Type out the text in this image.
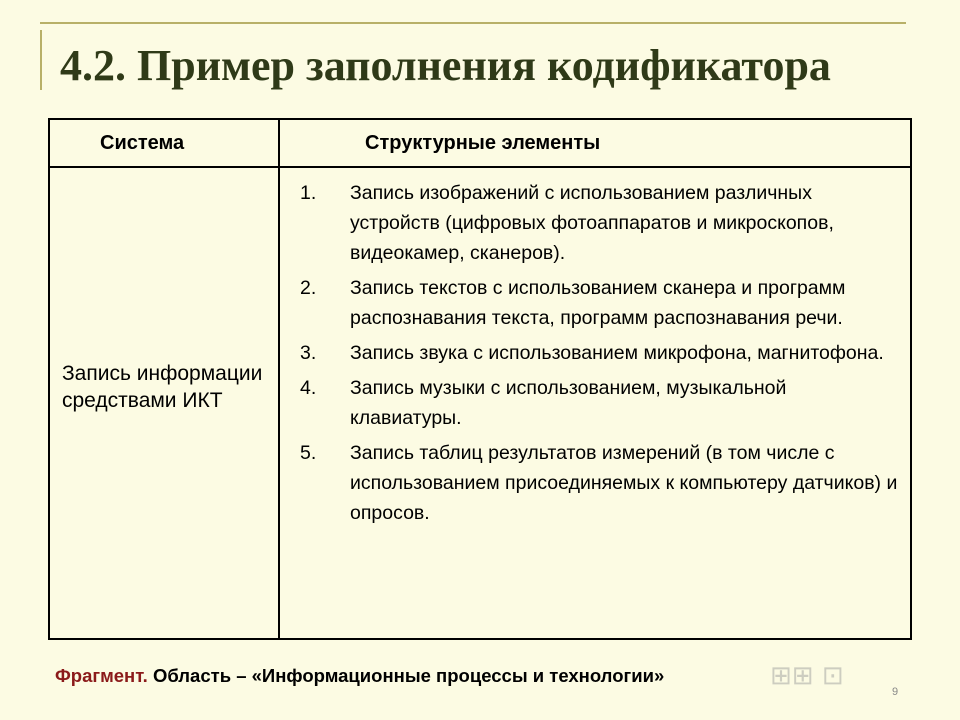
4.2. Пример заполнения кодификатора
Система	Структурные элементы
Запись информации средствами ИКТ
1. Запись изображений с использованием различных устройств (цифровых фотоаппаратов и микроскопов, видеокамер, сканеров).
2. Запись текстов с использованием сканера и программ распознавания текста, программ распознавания речи.
3. Запись звука с использованием микрофона, магнитофона.
4. Запись музыки с использованием, музыкальной клавиатуры.
5. Запись таблиц результатов измерений (в том числе с использованием присоединяемых к компьютеру датчиков) и опросов.
⊞⊞ ⊡
Фрагмент. Область – «Информационные процессы и технологии»
9
